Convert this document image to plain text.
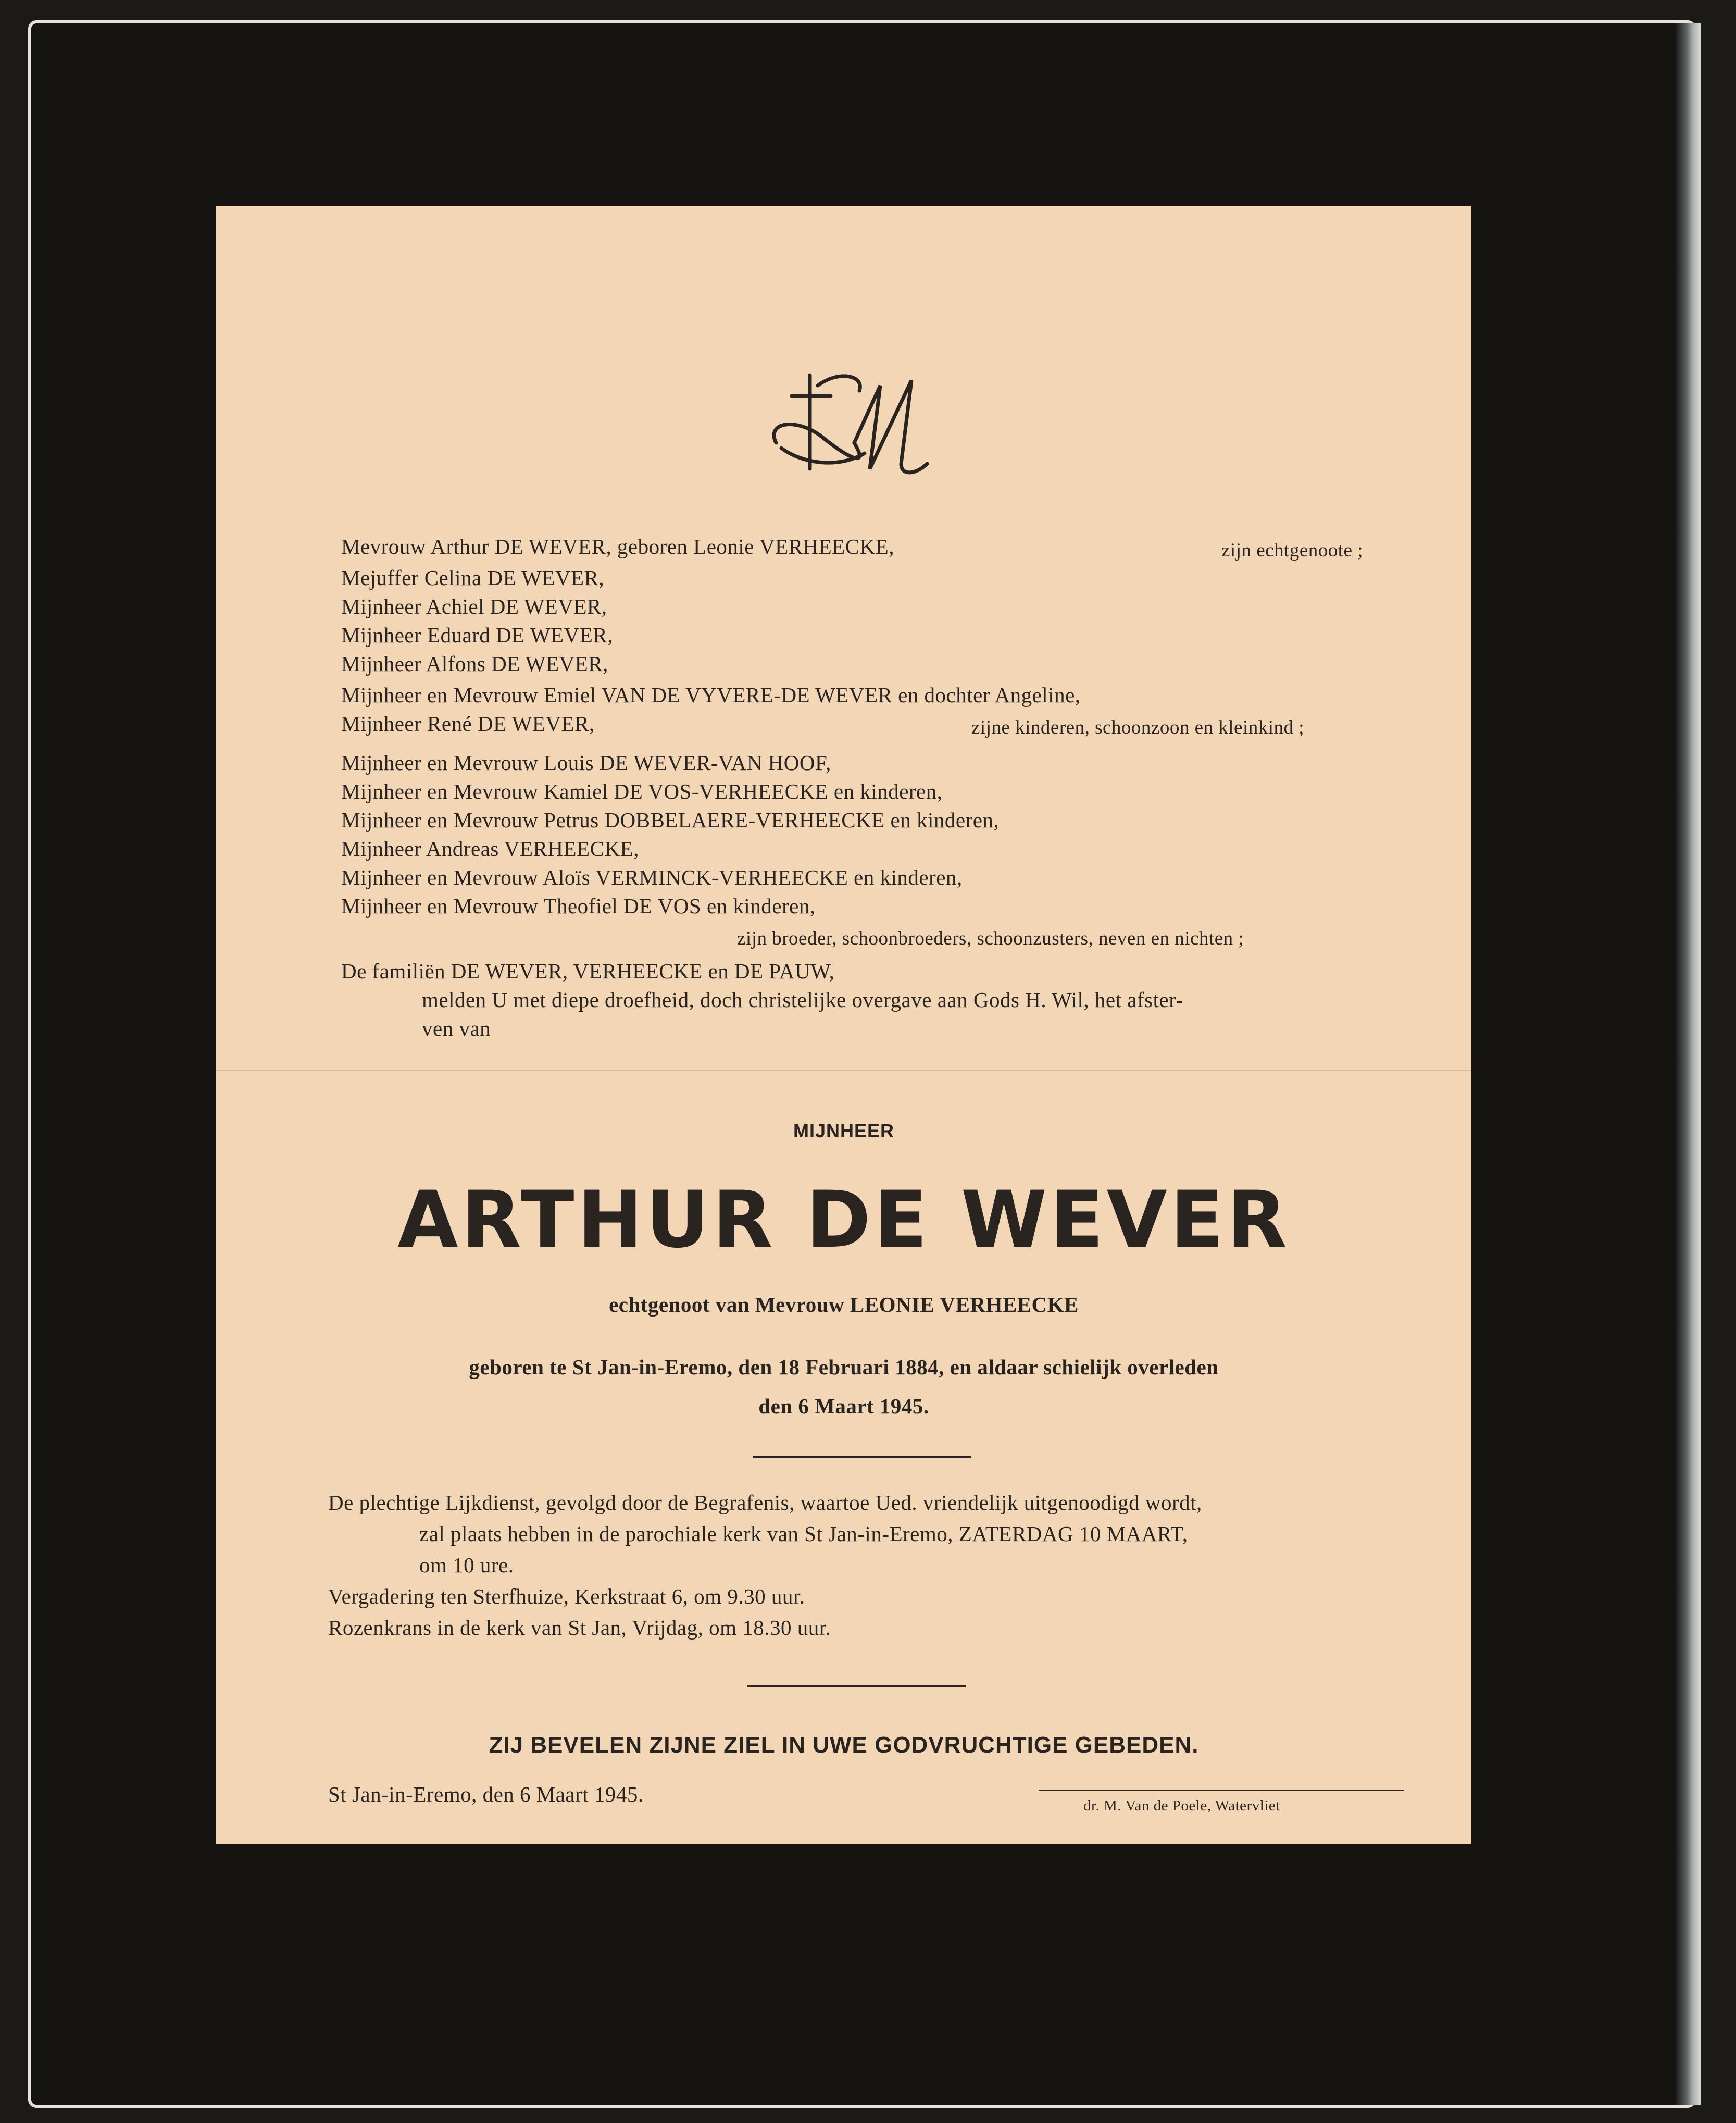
Mevrouw Arthur DE WEVER, geboren Leonie VERHEECKE,	zijn echtgenoote ;
Mejuffer Celina DE WEVER,
Mijnheer Achiel DE WEVER,
Mijnheer Eduard DE WEVER,
Mijnheer Alfons DE WEVER,
Mijnheer en Mevrouw Emiel VAN DE VYVERE-DE WEVER en dochter Angeline,
Mijnheer René DE WEVER,	zijne kinderen, schoonzoon en kleinkind ;
Mijnheer en Mevrouw Louis DE WEVER-VAN HOOF,
Mijnheer en Mevrouw Kamiel DE VOS-VERHEECKE en kinderen,
Mijnheer en Mevrouw Petrus DOBBELAERE-VERHEECKE en kinderen,
Mijnheer Andreas VERHEECKE,
Mijnheer en Mevrouw Aloïs VERMINCK-VERHEECKE en kinderen,
Mijnheer en Mevrouw Theofiel DE VOS en kinderen,
zijn broeder, schoonbroeders, schoonzusters, neven en nichten ;
De familiën DE WEVER, VERHEECKE en DE PAUW,
melden U met diepe droefheid, doch christelijke overgave aan Gods H. Wil, het afster-
ven van
MIJNHEER
ARTHUR DE WEVER
echtgenoot van Mevrouw LEONIE VERHEECKE
geboren te St Jan-in-Eremo, den 18 Februari 1884, en aldaar schielijk overleden
den 6 Maart 1945.
De plechtige Lijkdienst, gevolgd door de Begrafenis, waartoe Ued. vriendelijk uitgenoodigd wordt,
zal plaats hebben in de parochiale kerk van St Jan-in-Eremo, ZATERDAG 10 MAART,
om 10 ure.
Vergadering ten Sterfhuize, Kerkstraat 6, om 9.30 uur.
Rozenkrans in de kerk van St Jan, Vrijdag, om 18.30 uur.
ZIJ BEVELEN ZIJNE ZIEL IN UWE GODVRUCHTIGE GEBEDEN.
St Jan-in-Eremo, den 6 Maart 1945.	dr. M. Van de Poele, Watervliet
